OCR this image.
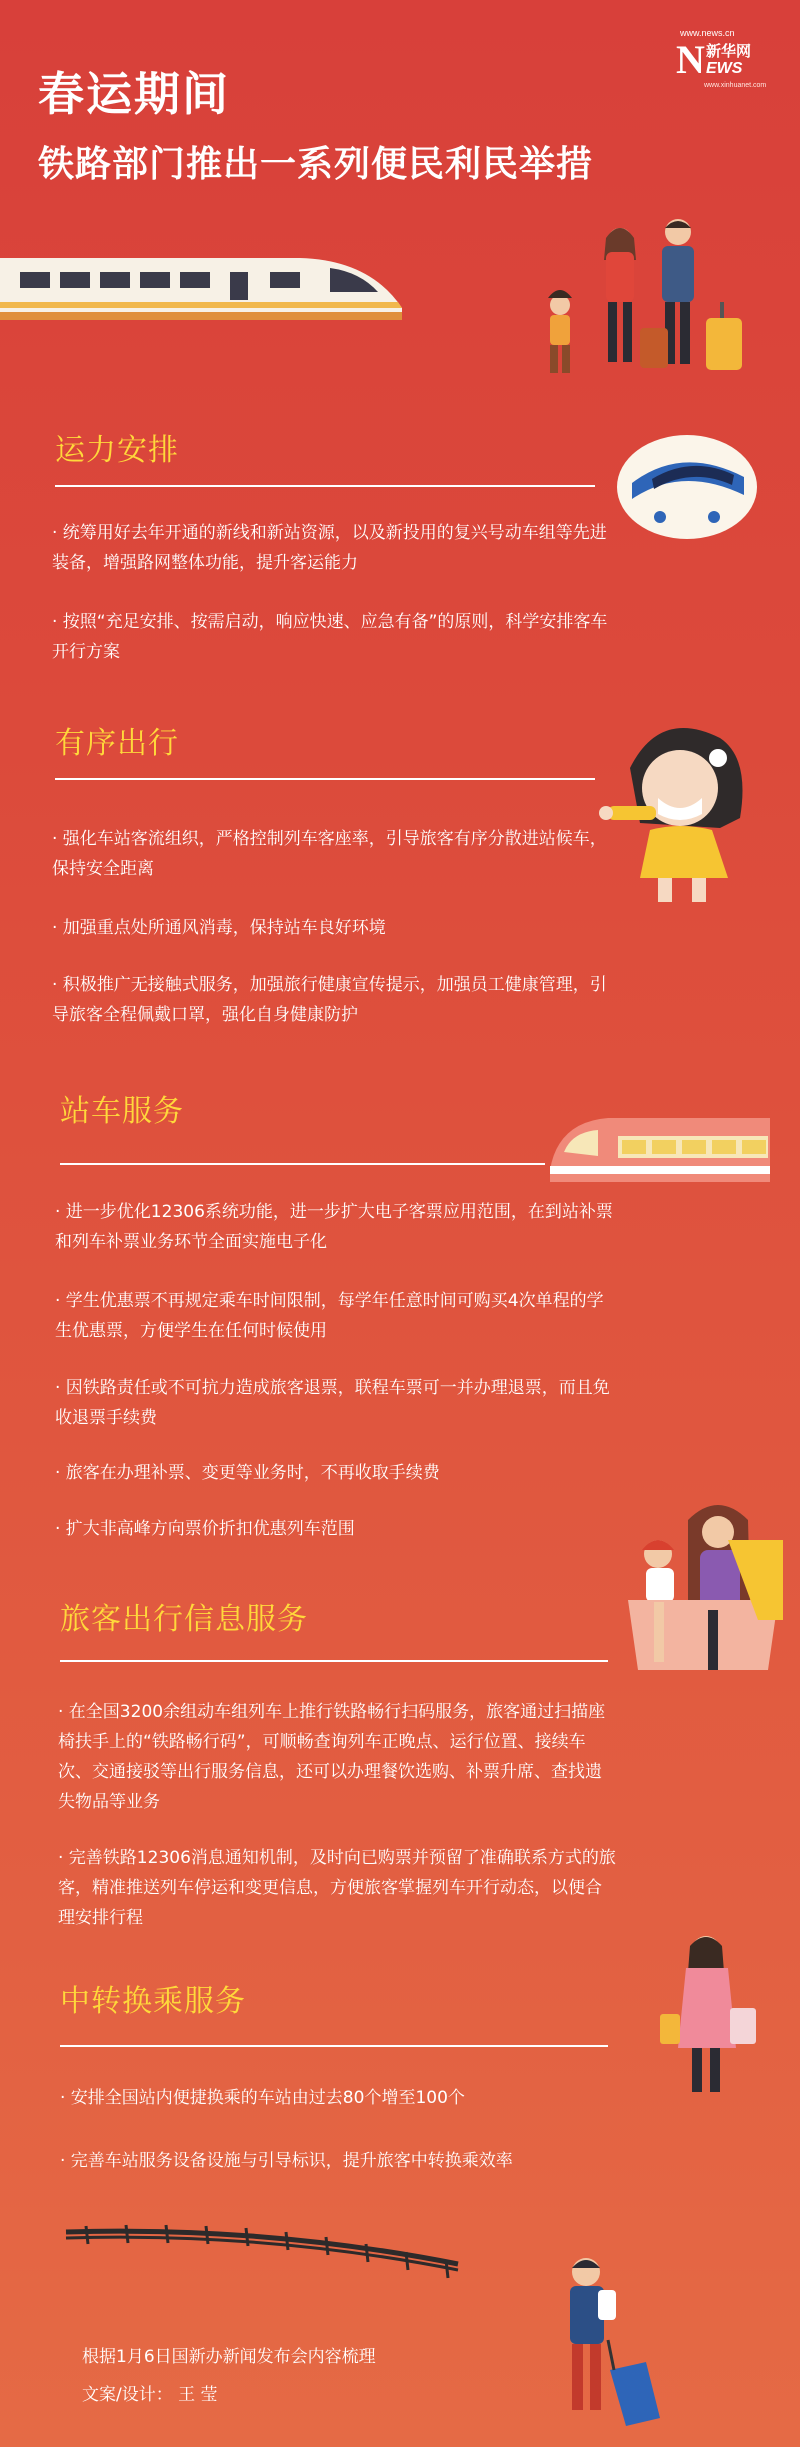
www.news.cn
N 新华网
EWS
www.xinhuanet.com
春运期间
铁路部门推出一系列便民利民举措
运力安排
· 统筹用好去年开通的新线和新站资源，以及新投用的复兴号动车组等先进装备，增强路网整体功能，提升客运能力
· 按照“充足安排、按需启动，响应快速、应急有备”的原则，科学安排客车开行方案
有序出行
· 强化车站客流组织，严格控制列车客座率，引导旅客有序分散进站候车，保持安全距离
· 加强重点处所通风消毒，保持站车良好环境
· 积极推广无接触式服务，加强旅行健康宣传提示，加强员工健康管理，引导旅客全程佩戴口罩，强化自身健康防护
站车服务
· 进一步优化12306系统功能，进一步扩大电子客票应用范围，在到站补票和列车补票业务环节全面实施电子化
· 学生优惠票不再规定乘车时间限制，每学年任意时间可购买4次单程的学生优惠票，方便学生在任何时候使用
· 因铁路责任或不可抗力造成旅客退票，联程车票可一并办理退票，而且免收退票手续费
· 旅客在办理补票、变更等业务时，不再收取手续费
· 扩大非高峰方向票价折扣优惠列车范围
旅客出行信息服务
· 在全国3200余组动车组列车上推行铁路畅行扫码服务，旅客通过扫描座椅扶手上的“铁路畅行码”，可顺畅查询列车正晚点、运行位置、接续车次、交通接驳等出行服务信息，还可以办理餐饮选购、补票升席、查找遗失物品等业务
· 完善铁路12306消息通知机制，及时向已购票并预留了准确联系方式的旅客，精准推送列车停运和变更信息，方便旅客掌握列车开行动态，以便合理安排行程
中转换乘服务
· 安排全国站内便捷换乘的车站由过去80个增至100个
· 完善车站服务设备设施与引导标识，提升旅客中转换乘效率
根据1月6日国新办新闻发布会内容梳理
文案/设计： 王 莹
